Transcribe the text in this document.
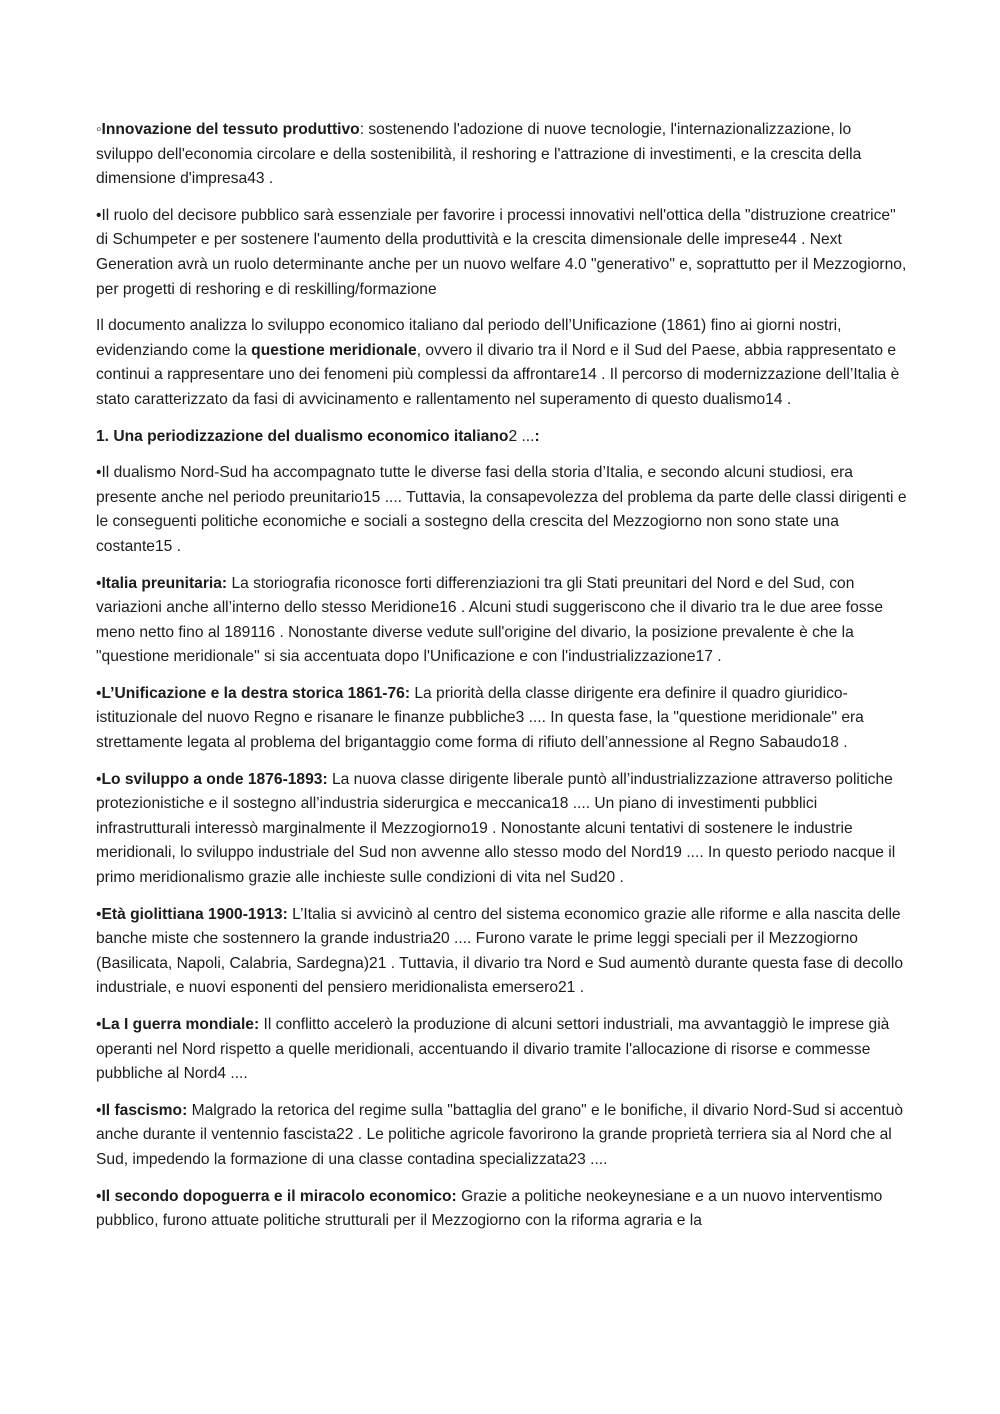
◦Innovazione del tessuto produttivo: sostenendo l'adozione di nuove tecnologie, l'internazionalizzazione, lo sviluppo dell'economia circolare e della sostenibilità, il reshoring e l'attrazione di investimenti, e la crescita della dimensione d'impresa43 .

•Il ruolo del decisore pubblico sarà essenziale per favorire i processi innovativi nell'ottica della "distruzione creatrice" di Schumpeter e per sostenere l'aumento della produttività e la crescita dimensionale delle imprese44 . Next Generation avrà un ruolo determinante anche per un nuovo welfare 4.0 "generativo" e, soprattutto per il Mezzogiorno, per progetti di reshoring e di reskilling/formazione

Il documento analizza lo sviluppo economico italiano dal periodo dell’Unificazione (1861) fino ai giorni nostri, evidenziando come la questione meridionale, ovvero il divario tra il Nord e il Sud del Paese, abbia rappresentato e continui a rappresentare uno dei fenomeni più complessi da affrontare14 . Il percorso di modernizzazione dell’Italia è stato caratterizzato da fasi di avvicinamento e rallentamento nel superamento di questo dualismo14 .

1. Una periodizzazione del dualismo economico italiano2 ...:

•Il dualismo Nord-Sud ha accompagnato tutte le diverse fasi della storia d’Italia, e secondo alcuni studiosi, era presente anche nel periodo preunitario15 .... Tuttavia, la consapevolezza del problema da parte delle classi dirigenti e le conseguenti politiche economiche e sociali a sostegno della crescita del Mezzogiorno non sono state una costante15 .

•Italia preunitaria: La storiografia riconosce forti differenziazioni tra gli Stati preunitari del Nord e del Sud, con variazioni anche all’interno dello stesso Meridione16 . Alcuni studi suggeriscono che il divario tra le due aree fosse meno netto fino al 189116 . Nonostante diverse vedute sull'origine del divario, la posizione prevalente è che la "questione meridionale" si sia accentuata dopo l'Unificazione e con l'industrializzazione17 .

•L’Unificazione e la destra storica 1861-76: La priorità della classe dirigente era definire il quadro giuridico-istituzionale del nuovo Regno e risanare le finanze pubbliche3 .... In questa fase, la "questione meridionale" era strettamente legata al problema del brigantaggio come forma di rifiuto dell’annessione al Regno Sabaudo18 .

•Lo sviluppo a onde 1876-1893: La nuova classe dirigente liberale puntò all’industrializzazione attraverso politiche protezionistiche e il sostegno all’industria siderurgica e meccanica18 .... Un piano di investimenti pubblici infrastrutturali interessò marginalmente il Mezzogiorno19 . Nonostante alcuni tentativi di sostenere le industrie meridionali, lo sviluppo industriale del Sud non avvenne allo stesso modo del Nord19 .... In questo periodo nacque il primo meridionalismo grazie alle inchieste sulle condizioni di vita nel Sud20 .

•Età giolittiana 1900-1913: L’Italia si avvicinò al centro del sistema economico grazie alle riforme e alla nascita delle banche miste che sostennero la grande industria20 .... Furono varate le prime leggi speciali per il Mezzogiorno (Basilicata, Napoli, Calabria, Sardegna)21 . Tuttavia, il divario tra Nord e Sud aumentò durante questa fase di decollo industriale, e nuovi esponenti del pensiero meridionalista emersero21 .

•La I guerra mondiale: Il conflitto accelerò la produzione di alcuni settori industriali, ma avvantaggiò le imprese già operanti nel Nord rispetto a quelle meridionali, accentuando il divario tramite l'allocazione di risorse e commesse pubbliche al Nord4 ....

•Il fascismo: Malgrado la retorica del regime sulla "battaglia del grano" e le bonifiche, il divario Nord-Sud si accentuò anche durante il ventennio fascista22 . Le politiche agricole favorirono la grande proprietà terriera sia al Nord che al Sud, impedendo la formazione di una classe contadina specializzata23 ....

•Il secondo dopoguerra e il miracolo economico: Grazie a politiche neokeynesiane e a un nuovo interventismo pubblico, furono attuate politiche strutturali per il Mezzogiorno con la riforma agraria e la
